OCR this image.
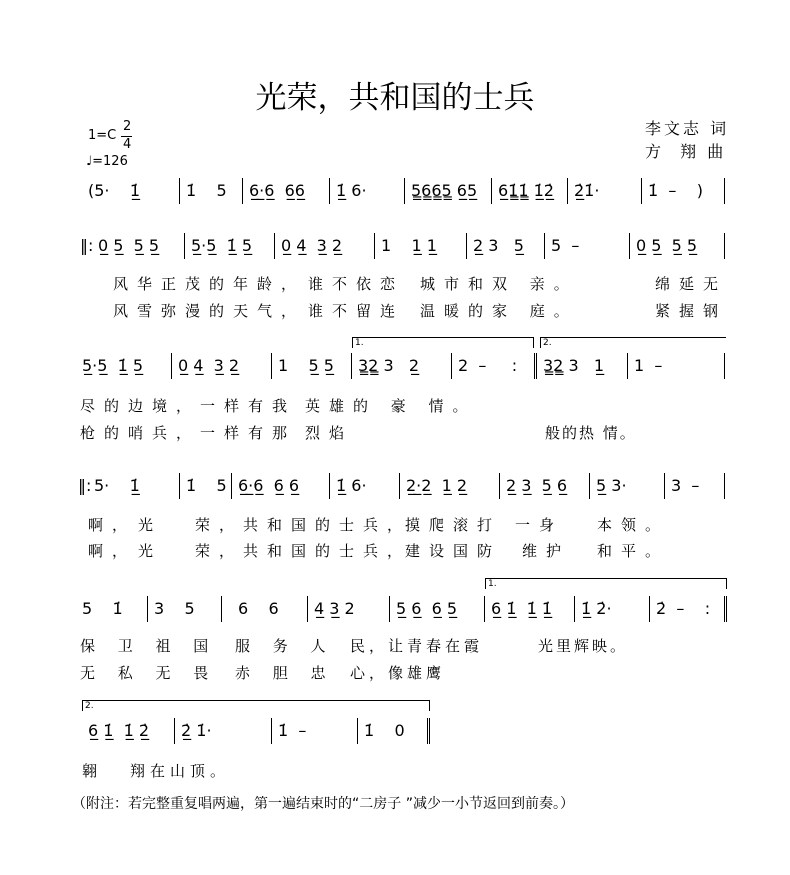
光荣，共和国的士兵
1=C
2
4
♩=126
李文志 词
方  翔 曲
(5·    1̲̇	1̇    5	6̲·̲6̲  6̲6̲	1̲̇ 6·	5̳6̳6̳5̳ 6̲5̲	6̲1̳̇1̳̇ 1̲̇2̲̇	2̲̇1̇·	1̇  –    )
‖: 0̲ 5̲  5̲ 5̲	5̲·5̲  1̲̇ 5̲	0̲ 4̲  3̲ 2̲	1    1̲ 1̲	2̲ 3   5̲	5  –	0̲ 5̲  5̲ 5̲
风华正茂的年龄， 谁不依恋 城市和双 亲。	绵延无
风雪弥漫的天气， 谁不留连 温暖的家 庭。	紧握钢
1.	2.
5̲·5̲  1̲̇ 5̲	0̲ 4̲  3̲ 2̲	1    5̲ 5̲	3̳2̳ 3   2̲	2  –     :	3̳2̳ 3   1̲	1  –
尽的边境， 一样有我 英雄的 豪 情。
枪的哨兵， 一样有那 烈焰	般的热 情。
‖: 5·    1̲̇	1̇    5 6̲·̲6̲  6̲ 6̲	1̲̇ 6·	2̲·̲2̲  1̲ 2̲	2̲ 3̲  5̲ 6̲	5̲ 3·	3  –
啊， 光 荣，共和国的士兵，
摸爬滚打 一身 本领。
啊， 光 荣，共和国的士兵，
建设国防 维护 和平。
1.
5    1̇	3    5	6    6	4̲ 3̲ 2	5̲ 6̲  6̲ 5̲	6̲ 1̲̇  1̲̇ 1̲̇	1̲̇ 2̇·	2̇  –    :
保 卫 祖 国 服 务 人 民，让青春在霞	光里辉映。
无 私 无 畏 赤 胆 忠 心，像雄鹰
2.
6̲ 1̲̇  1̲̇ 2̲̇	2̲̇ 1̇·	1̇  –	1̇    0
翱 翔在山顶。
（附注：若完整重复唱两遍，第一遍结束时的“二房子 ”减少一小节返回到前奏。）
